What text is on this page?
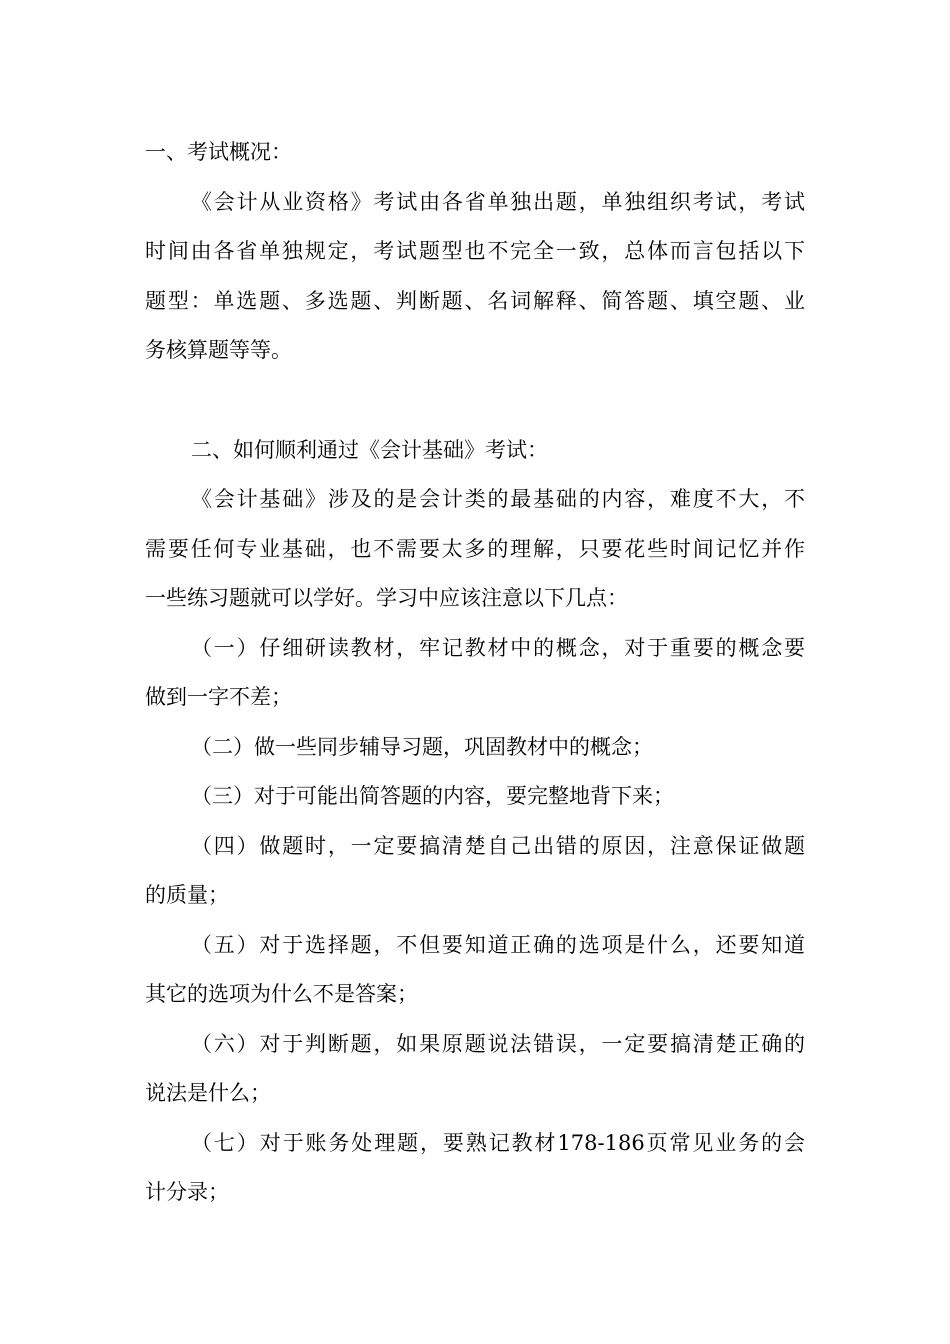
一、考试概况：
《会计从业资格》考试由各省单独出题，单独组织考试，考试
时间由各省单独规定，考试题型也不完全一致，总体而言包括以下
题型：单选题、多选题、判断题、名词解释、简答题、填空题、业
务核算题等等。
二、如何顺利通过《会计基础》考试：
《会计基础》涉及的是会计类的最基础的内容，难度不大，不
需要任何专业基础，也不需要太多的理解，只要花些时间记忆并作
一些练习题就可以学好。学习中应该注意以下几点：
（一）仔细研读教材，牢记教材中的概念，对于重要的概念要
做到一字不差；
（二）做一些同步辅导习题，巩固教材中的概念；
（三）对于可能出简答题的内容，要完整地背下来；
（四）做题时，一定要搞清楚自己出错的原因，注意保证做题
的质量；
（五）对于选择题，不但要知道正确的选项是什么，还要知道
其它的选项为什么不是答案；
（六）对于判断题，如果原题说法错误，一定要搞清楚正确的
说法是什么；
（七）对于账务处理题，要熟记教材178-186页常见业务的会
计分录；
